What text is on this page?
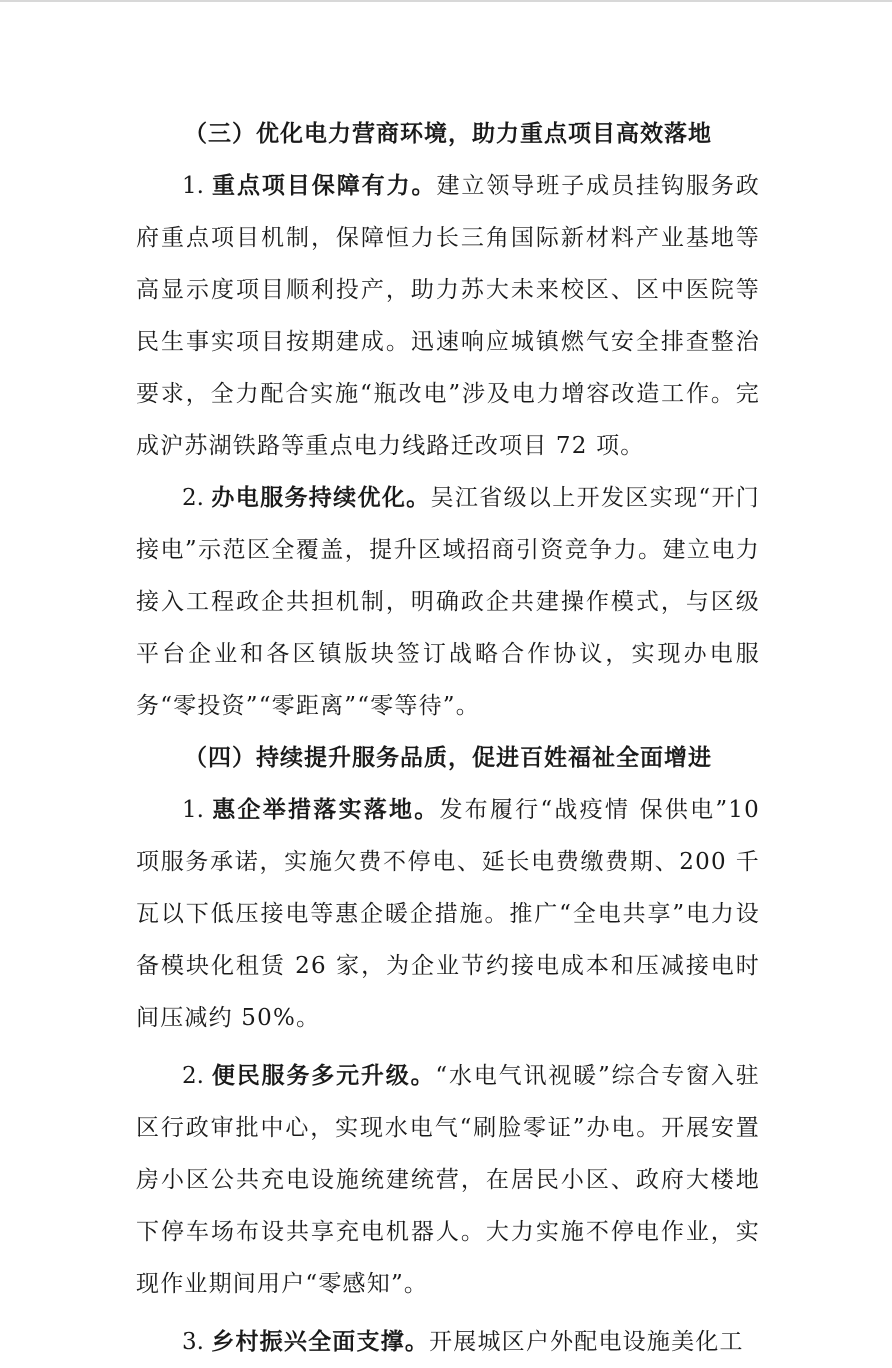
（三）优化电力营商环境，助力重点项目高效落地
1. 重点项目保障有力。建立领导班子成员挂钩服务政府重点项目机制，保障恒力长三角国际新材料产业基地等高显示度项目顺利投产，助力苏大未来校区、区中医院等民生事实项目按期建成。迅速响应城镇燃气安全排查整治要求，全力配合实施“瓶改电”涉及电力增容改造工作。完成沪苏湖铁路等重点电力线路迁改项目 72 项。
2. 办电服务持续优化。吴江省级以上开发区实现“开门接电”示范区全覆盖，提升区域招商引资竞争力。建立电力接入工程政企共担机制，明确政企共建操作模式，与区级平台企业和各区镇版块签订战略合作协议，实现办电服务“零投资”“零距离”“零等待”。
（四）持续提升服务品质，促进百姓福祉全面增进
1. 惠企举措落实落地。发布履行“战疫情 保供电”10项服务承诺，实施欠费不停电、延长电费缴费期、200 千瓦以下低压接电等惠企暖企措施。推广“全电共享”电力设备模块化租赁 26 家，为企业节约接电成本和压减接电时间压减约 50%。
2. 便民服务多元升级。“水电气讯视暖”综合专窗入驻区行政审批中心，实现水电气“刷脸零证”办电。开展安置房小区公共充电设施统建统营，在居民小区、政府大楼地下停车场布设共享充电机器人。大力实施不停电作业，实现作业期间用户“零感知”。
3. 乡村振兴全面支撑。开展城区户外配电设施美化工
